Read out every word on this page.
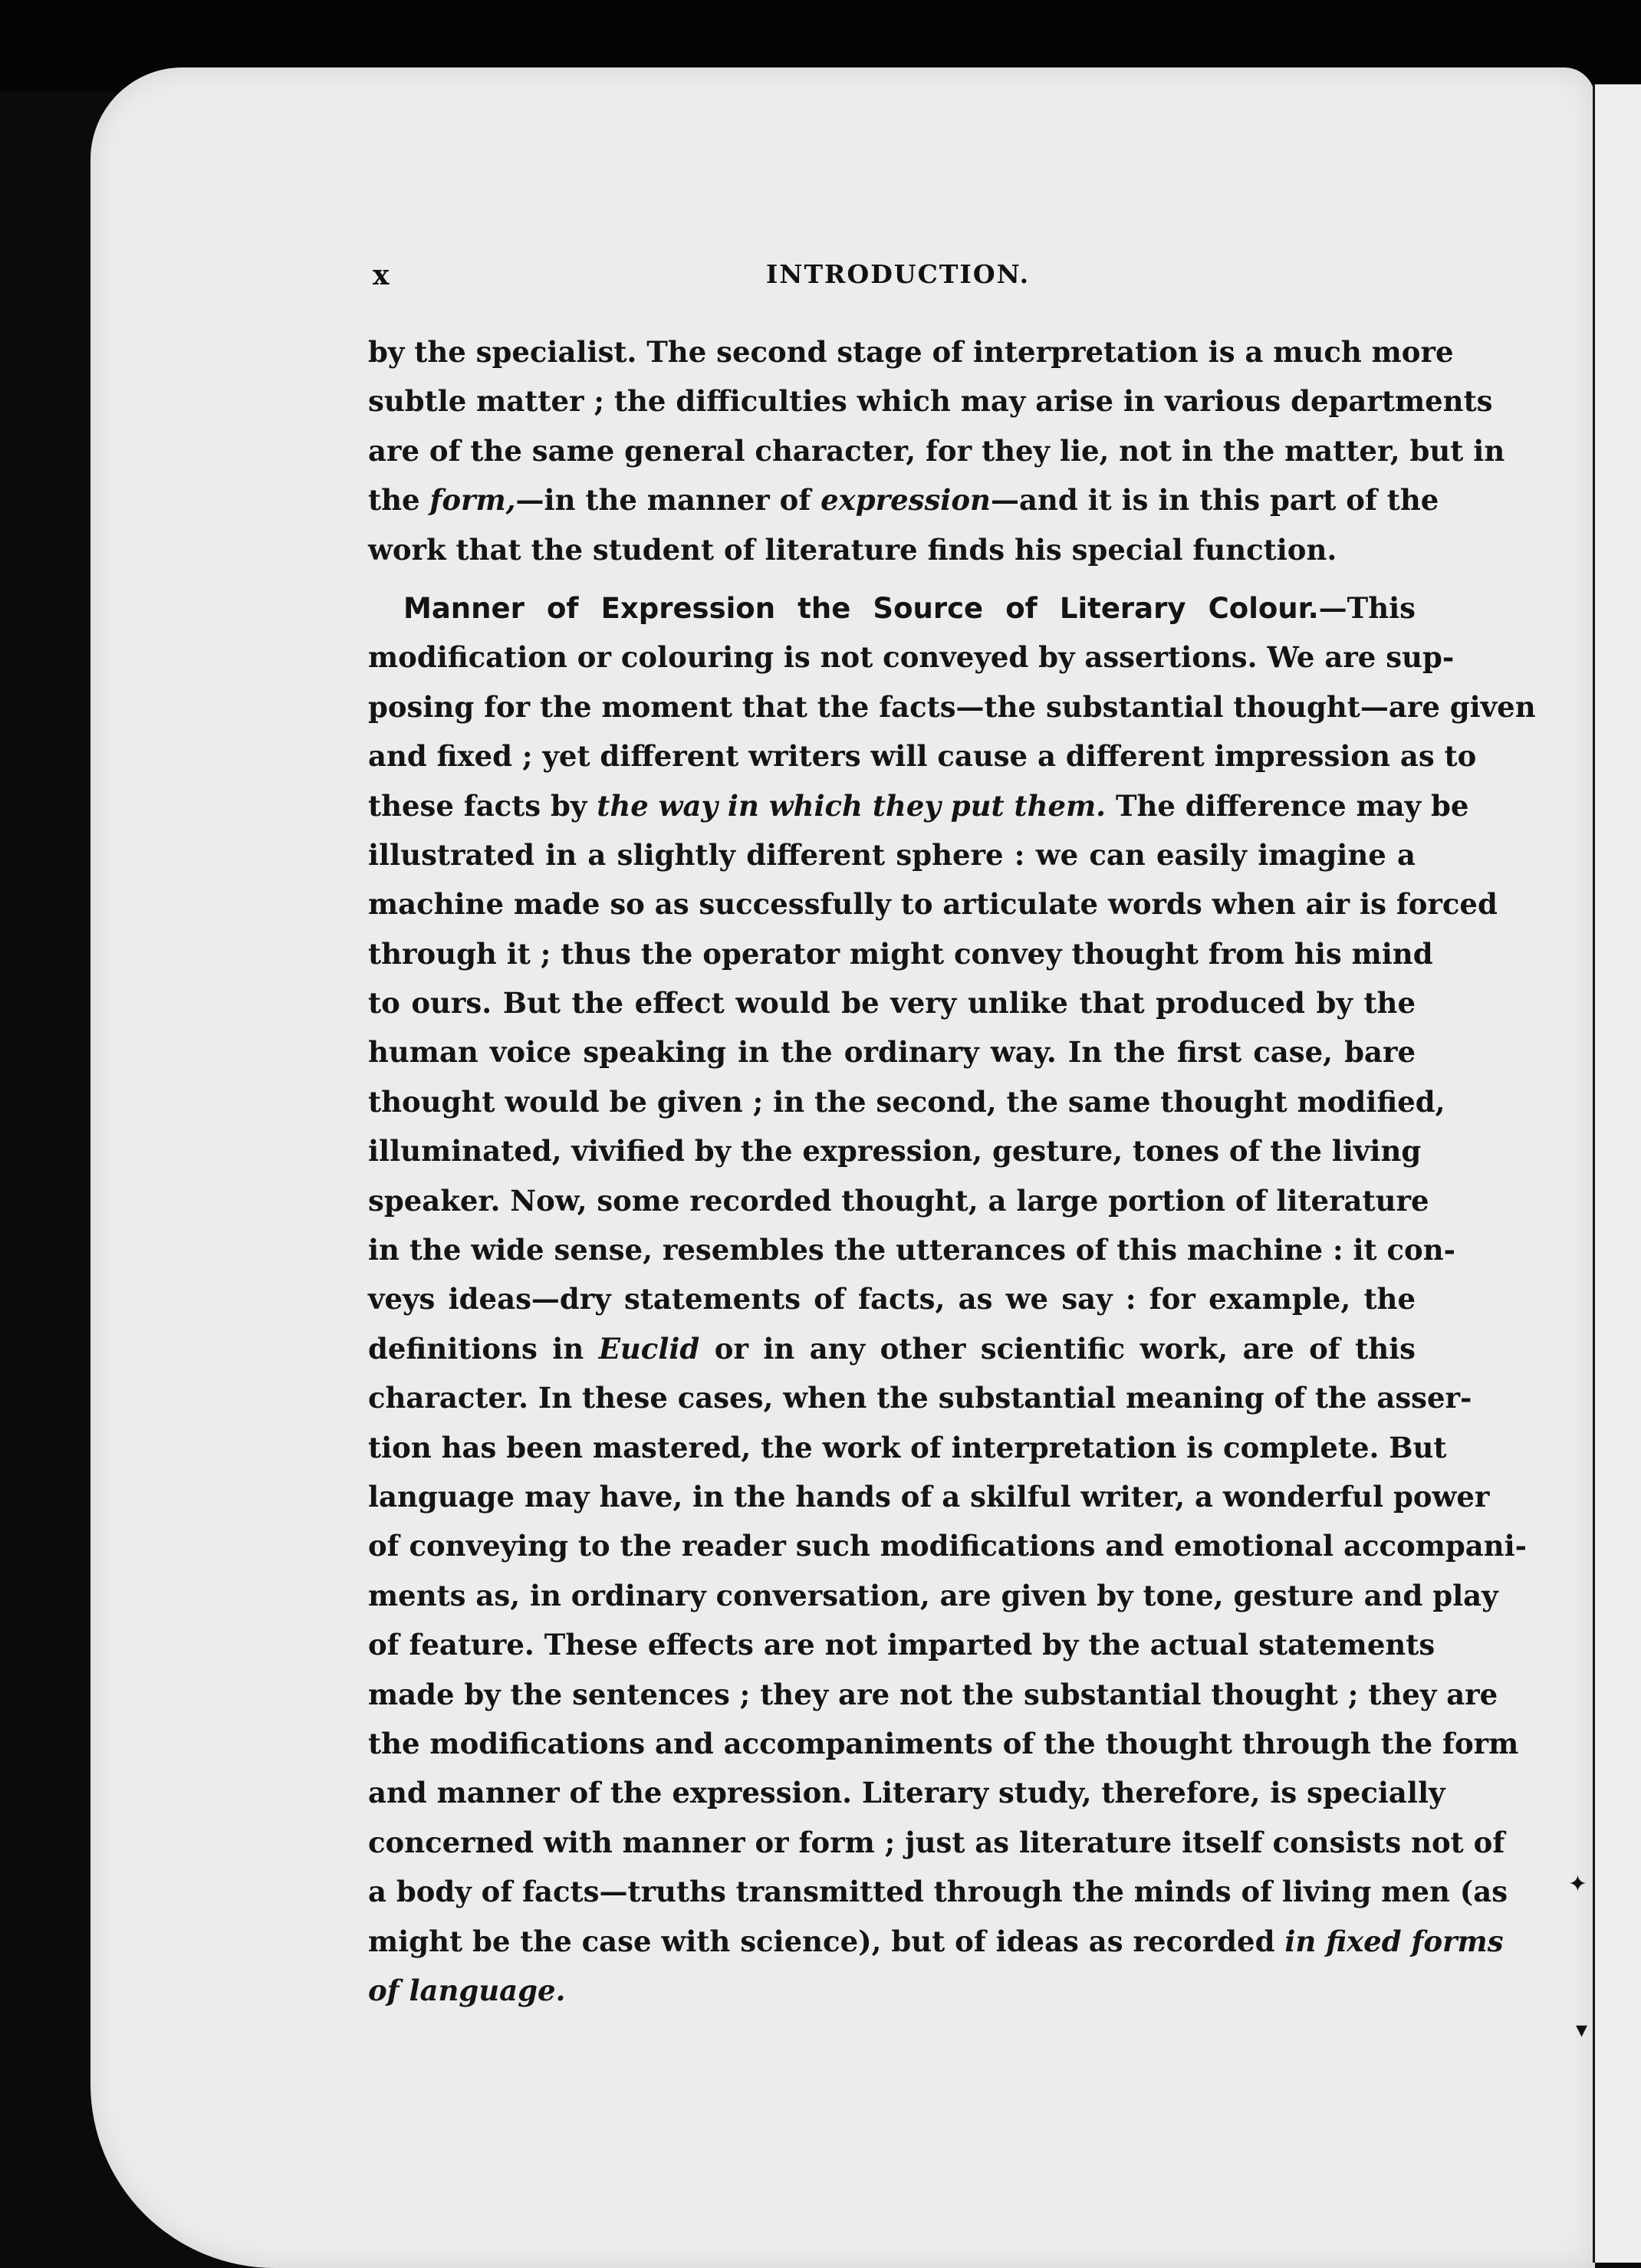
✦
▾
x	INTRODUCTION.
by the specialist. The second stage of interpretation is a much more
subtle matter ; the difficulties which may arise in various departments
are of the same general character, for they lie, not in the matter, but in
the form,—in the manner of expression—and it is in this part of the
work that the student of literature finds his special function.
Manner of Expression the Source of Literary Colour.—This
modification or colouring is not conveyed by assertions. We are sup-
posing for the moment that the facts—the substantial thought—are given
and fixed ; yet different writers will cause a different impression as to
these facts by the way in which they put them. The difference may be
illustrated in a slightly different sphere : we can easily imagine a
machine made so as successfully to articulate words when air is forced
through it ; thus the operator might convey thought from his mind
to ours. But the effect would be very unlike that produced by the
human voice speaking in the ordinary way. In the first case, bare
thought would be given ; in the second, the same thought modified,
illuminated, vivified by the expression, gesture, tones of the living
speaker. Now, some recorded thought, a large portion of literature
in the wide sense, resembles the utterances of this machine : it con-
veys ideas—dry statements of facts, as we say : for example, the
definitions in Euclid or in any other scientific work, are of this
character. In these cases, when the substantial meaning of the asser-
tion has been mastered, the work of interpretation is complete. But
language may have, in the hands of a skilful writer, a wonderful power
of conveying to the reader such modifications and emotional accompani-
ments as, in ordinary conversation, are given by tone, gesture and play
of feature. These effects are not imparted by the actual statements
made by the sentences ; they are not the substantial thought ; they are
the modifications and accompaniments of the thought through the form
and manner of the expression. Literary study, therefore, is specially
concerned with manner or form ; just as literature itself consists not of
a body of facts—truths transmitted through the minds of living men (as
might be the case with science), but of ideas as recorded in fixed forms
of language.
